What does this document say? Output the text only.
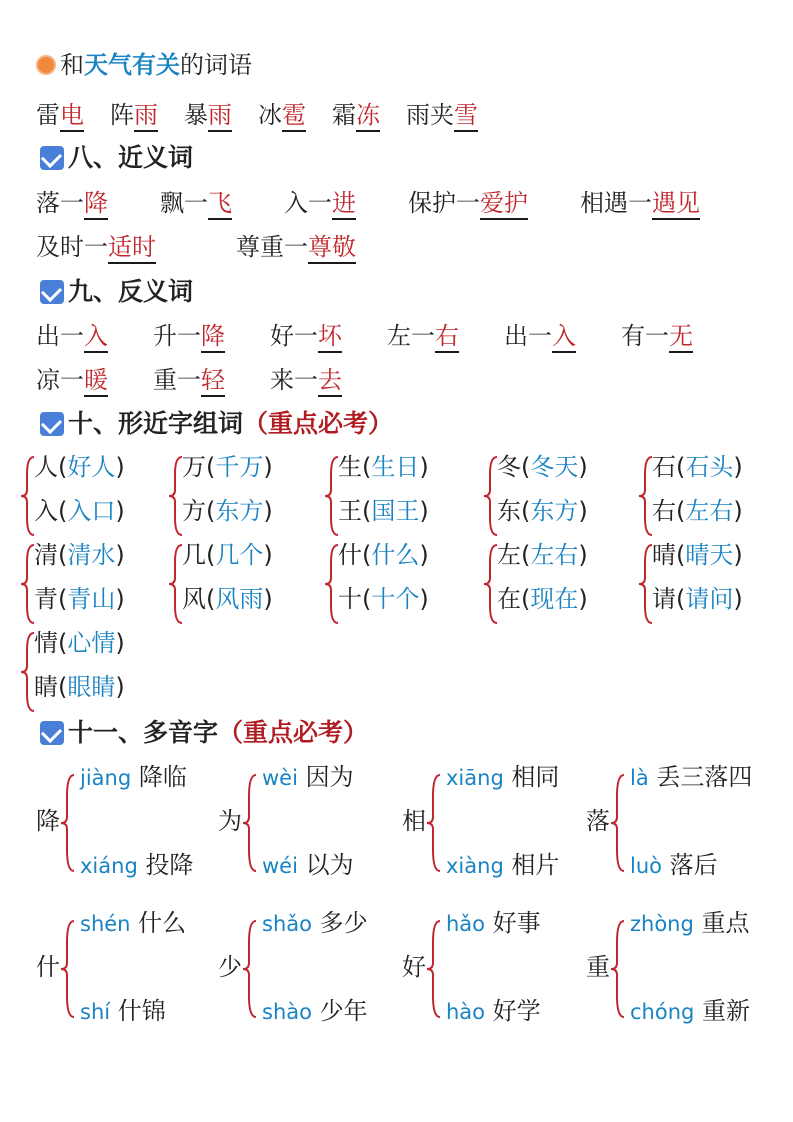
和天气有关的词语
雷电 阵雨 暴雨 冰雹 霜冻 雨夹雪
八、近义词
落一降 飘一飞 入一进 保护一爱护 相遇一遇见
及时一适时	尊重一尊敬
九、反义词
出一入 升一降 好一坏 左一右 出一入 有一无
凉一暖 重一轻 来一去
十、形近字组词（重点必考）
人(好人)
入(入口)
万(千万)
方(东方)
生(生日)
王(国王)
冬(冬天)
东(东方)
石(石头)
右(左右)
清(清水)
青(青山)
几(几个)
风(风雨)
什(什么)
十(十个)
左(左右)
在(现在)
晴(晴天)
请(请问)
情(心情)
睛(眼睛)
十一、多音字（重点必考）
降
jiàng 降临
xiáng 投降
为
wèi 因为
wéi 以为
相
xiāng 相同
xiàng 相片
落
là 丢三落四
luò 落后
什
shén 什么
shí 什锦
少
shǎo 多少
shào 少年
好
hǎo 好事
hào 好学
重
zhòng 重点
chóng 重新
